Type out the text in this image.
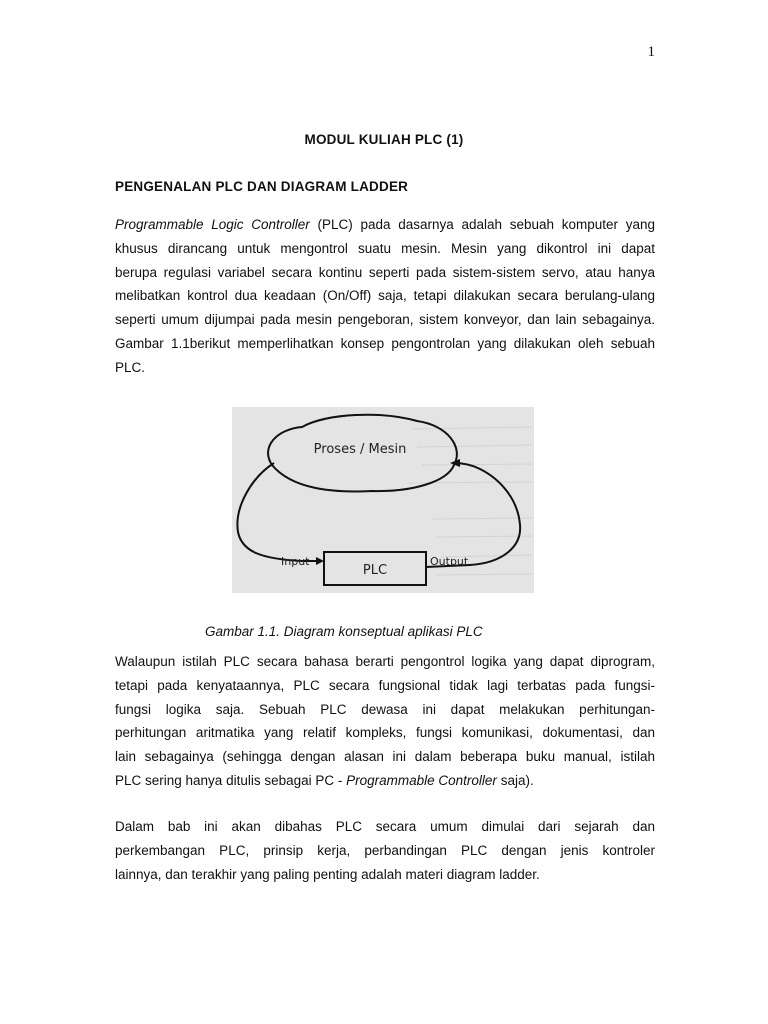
1
MODUL KULIAH PLC (1)
PENGENALAN PLC DAN DIAGRAM LADDER
Programmable Logic Controller (PLC) pada dasarnya adalah sebuah komputer yang
khusus dirancang untuk mengontrol suatu mesin. Mesin yang dikontrol ini dapat
berupa regulasi variabel secara kontinu seperti pada sistem-sistem servo, atau hanya
melibatkan kontrol dua keadaan (On/Off) saja, tetapi dilakukan secara berulang-ulang
seperti umum dijumpai pada mesin pengeboran, sistem konveyor, dan lain sebagainya.
Gambar 1.1berikut memperlihatkan konsep pengontrolan yang dilakukan oleh sebuah
PLC.
Proses / Mesin
PLC
Input	Output
Gambar 1.1. Diagram konseptual aplikasi PLC
Walaupun istilah PLC secara bahasa berarti pengontrol logika yang dapat diprogram,
tetapi pada kenyataannya, PLC secara fungsional tidak lagi terbatas pada fungsi-
fungsi logika saja. Sebuah PLC dewasa ini dapat melakukan perhitungan-
perhitungan aritmatika yang relatif kompleks, fungsi komunikasi, dokumentasi, dan
lain sebagainya (sehingga dengan alasan ini dalam beberapa buku manual, istilah
PLC sering hanya ditulis sebagai PC - Programmable Controller saja).
Dalam bab ini akan dibahas PLC secara umum dimulai dari sejarah dan
perkembangan PLC, prinsip kerja, perbandingan PLC dengan jenis kontroler
lainnya, dan terakhir yang paling penting adalah materi diagram ladder.
